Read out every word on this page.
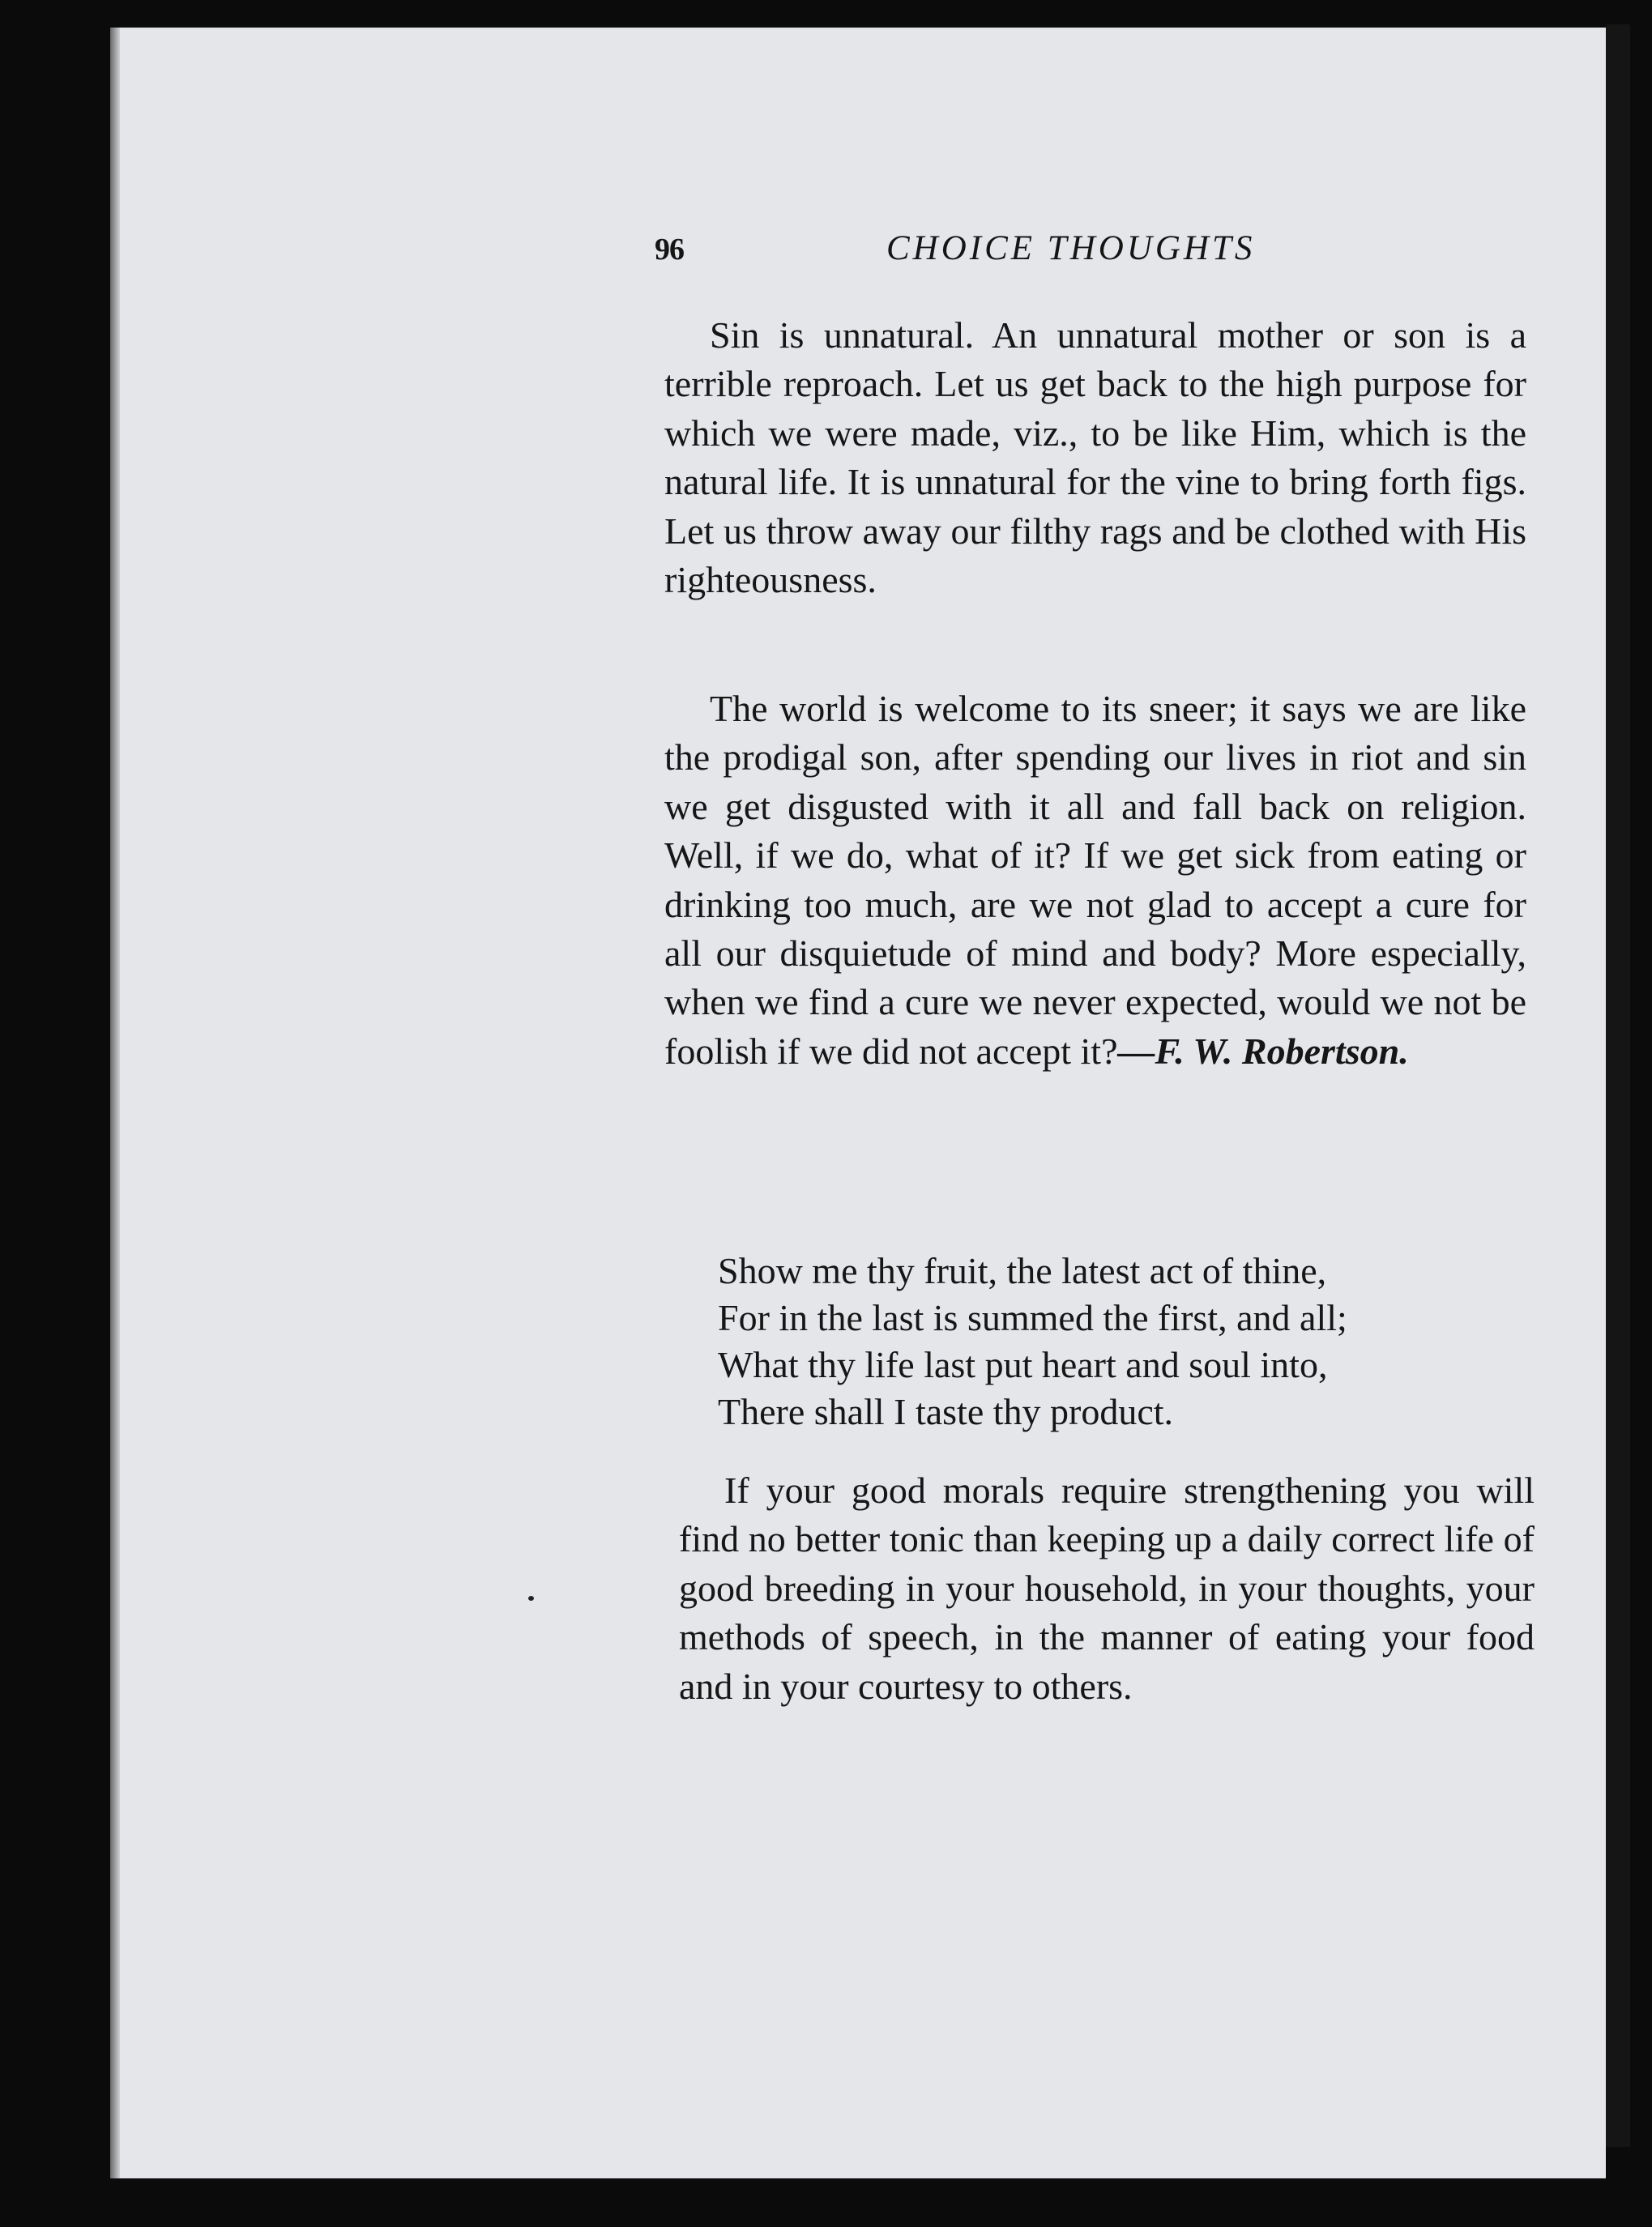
96	CHOICE THOUGHTS
Sin is unnatural. An unnatural mother or son is a terrible reproach. Let us get back to the high purpose for which we were made, viz., to be like Him, which is the natural life. It is unnatural for the vine to bring forth figs. Let us throw away our filthy rags and be clothed with His righteousness.
The world is welcome to its sneer; it says we are like the prodigal son, after spending our lives in riot and sin we get disgusted with it all and fall back on religion. Well, if we do, what of it? If we get sick from eating or drinking too much, are we not glad to accept a cure for all our disquietude of mind and body? More especially, when we find a cure we never expected, would we not be foolish if we did not accept it?—F. W. Robertson.
Show me thy fruit, the latest act of thine,
For in the last is summed the first, and all;
What thy life last put heart and soul into,
There shall I taste thy product.
If your good morals require strengthening you will find no better tonic than keeping up a daily correct life of good breeding in your household, in your thoughts, your methods of speech, in the manner of eating your food and in your courtesy to others.
